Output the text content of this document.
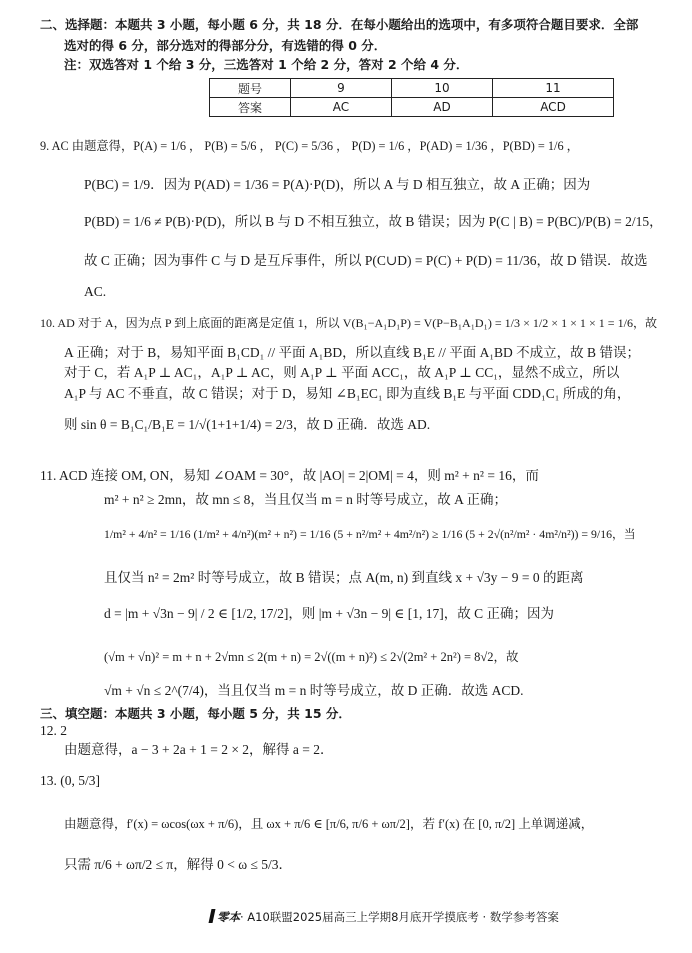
二、选择题：本题共 3 小题，每小题 6 分，共 18 分．在每小题给出的选项中，有多项符合题目要求．全部
选对的得 6 分，部分选对的得部分分，有选错的得 0 分．
注：双选答对 1 个给 3 分，三选答对 1 个给 2 分，答对 2 个给 4 分．
题号	9	10	11
答案	AC	AD	ACD
9. AC 由题意得，P(A) = 1/6 ， P(B) = 5/6 ， P(C) = 5/36 ， P(D) = 1/6 ，P(AD) = 1/36 ，P(BD) = 1/6 ，
P(BC) = 1/9．因为 P(AD) = 1/36 = P(A)·P(D)，所以 A 与 D 相互独立，故 A 正确；因为
P(BD) = 1/6 ≠ P(B)·P(D)，所以 B 与 D 不相互独立，故 B 错误；因为 P(C | B) = P(BC)/P(B) = 2/15，
故 C 正确；因为事件 C 与 D 是互斥事件，所以 P(C∪D) = P(C) + P(D) = 11/36，故 D 错误．故选
AC.
10. AD 对于 A，因为点 P 到上底面的距离是定值 1，所以 V(B₁−A₁D₁P) = V(P−B₁A₁D₁) = 1/3 × 1/2 × 1 × 1 × 1 = 1/6，故
A 正确；对于 B，易知平面 B₁CD₁ // 平面 A₁BD，所以直线 B₁E // 平面 A₁BD 不成立，故 B 错误；
对于 C，若 A₁P ⊥ AC₁，A₁P ⊥ AC，则 A₁P ⊥ 平面 ACC₁，故 A₁P ⊥ CC₁，显然不成立，所以
A₁P 与 AC 不垂直，故 C 错误；对于 D，易知 ∠B₁EC₁ 即为直线 B₁E 与平面 CDD₁C₁ 所成的角，
则 sin θ = B₁C₁/B₁E = 1/√(1+1+1/4) = 2/3，故 D 正确．故选 AD.
11. ACD 连接 OM, ON，易知 ∠OAM = 30°，故 |AO| = 2|OM| = 4，则 m² + n² = 16，而
m² + n² ≥ 2mn，故 mn ≤ 8，当且仅当 m = n 时等号成立，故 A 正确；
1/m² + 4/n² = 1/16 (1/m² + 4/n²)(m² + n²) = 1/16 (5 + n²/m² + 4m²/n²) ≥ 1/16 (5 + 2√(n²/m² · 4m²/n²)) = 9/16，当
且仅当 n² = 2m² 时等号成立，故 B 错误；点 A(m, n) 到直线 x + √3y − 9 = 0 的距离
d = |m + √3n − 9| / 2 ∈ [1/2, 17/2]，则 |m + √3n − 9| ∈ [1, 17]，故 C 正确；因为
(√m + √n)² = m + n + 2√mn ≤ 2(m + n) = 2√((m + n)²) ≤ 2√(2m² + 2n²) = 8√2，故
√m + √n ≤ 2^(7/4)，当且仅当 m = n 时等号成立，故 D 正确．故选 ACD.
三、填空题：本题共 3 小题，每小题 5 分，共 15 分．
12. 2
由题意得，a − 3 + 2a + 1 = 2 × 2，解得 a = 2．
13. (0, 5/3]
由题意得，f′(x) = ωcos(ωx + π/6)，且 ωx + π/6 ∈ [π/6, π/6 + ωπ/2]，若 f′(x) 在 [0, π/2] 上单调递减，
只需 π/6 + ωπ/2 ≤ π，解得 0 < ω ≤ 5/3．
零本· A10联盟2025届高三上学期8月底开学摸底考 · 数学参考答案
